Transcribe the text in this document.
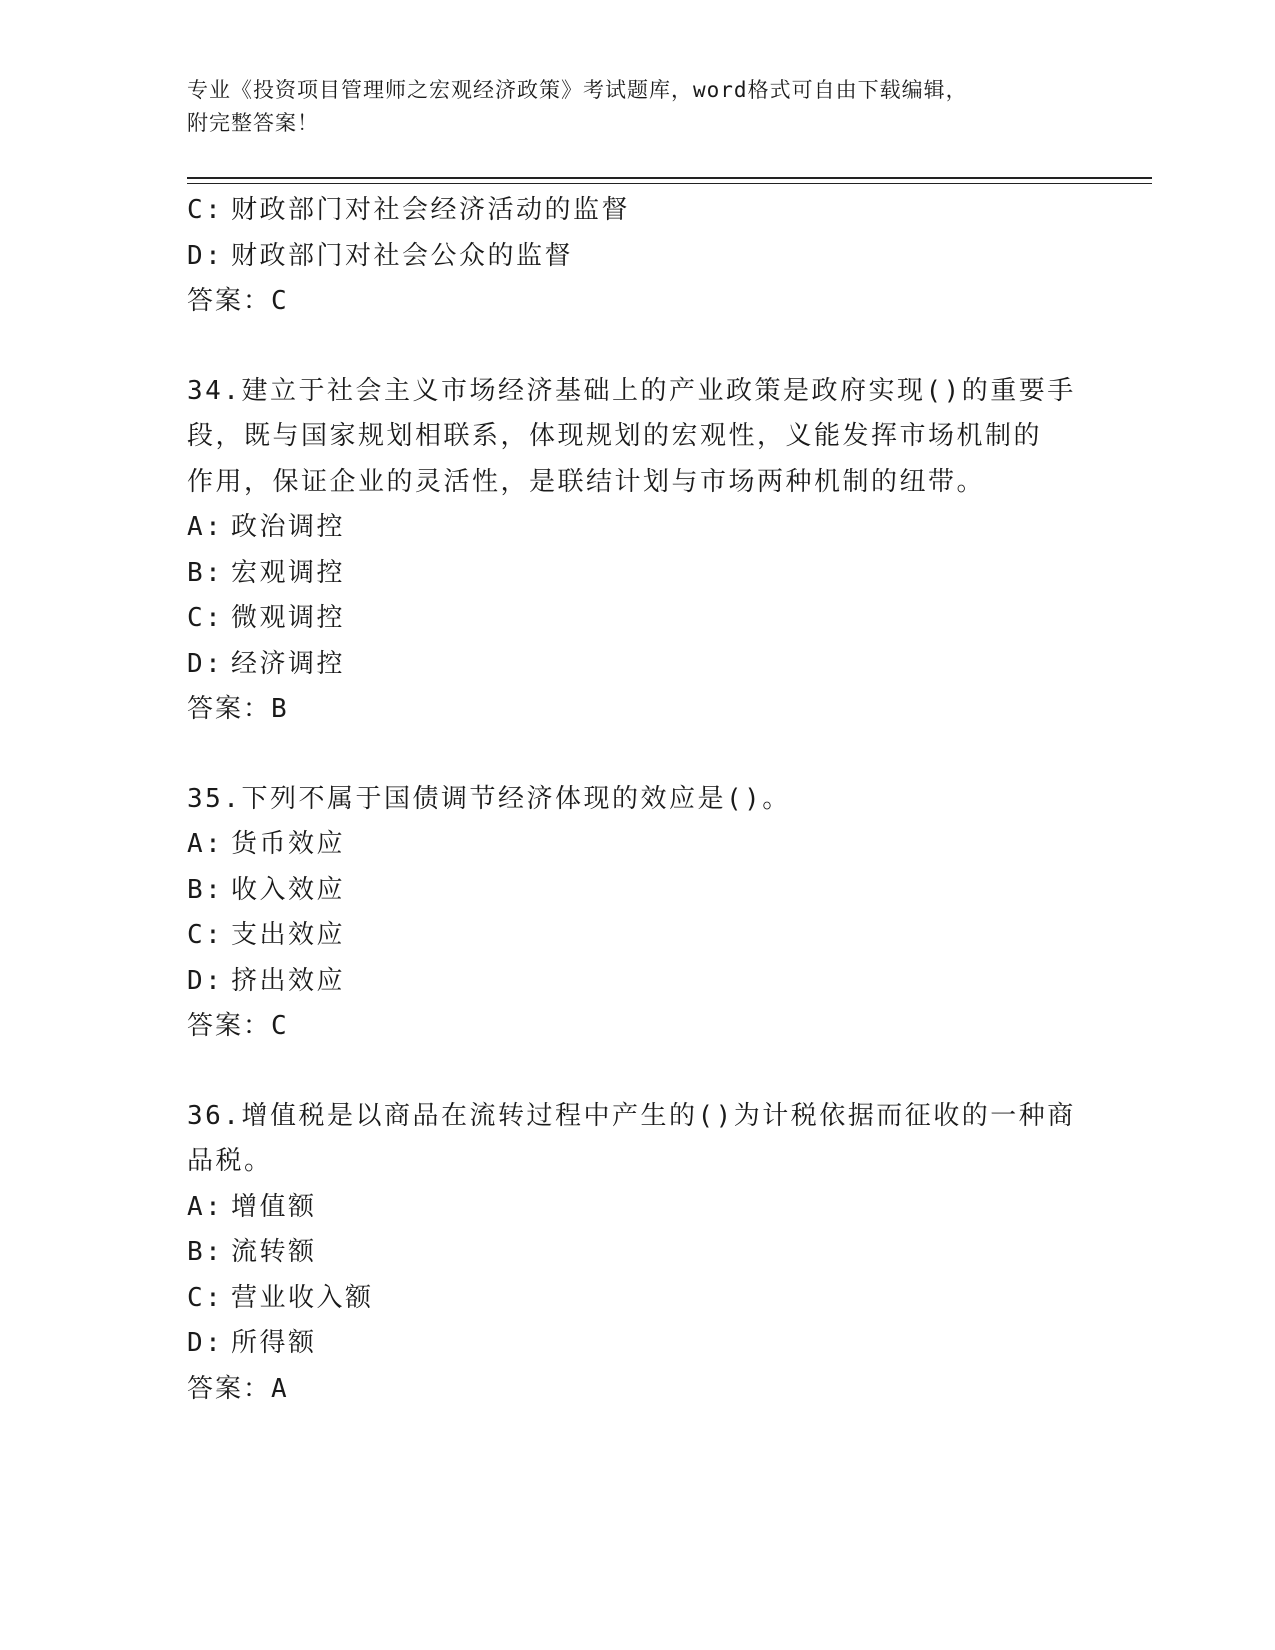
专业《投资项目管理师之宏观经济政策》考试题库，word格式可自由下载编辑，
附完整答案！
C: 财政部门对社会经济活动的监督
D: 财政部门对社会公众的监督
答案：C
34.建立于社会主义市场经济基础上的产业政策是政府实现()的重要手
段，既与国家规划相联系，体现规划的宏观性，义能发挥市场机制的
作用，保证企业的灵活性，是联结计划与市场两种机制的纽带。
A: 政治调控
B: 宏观调控
C: 微观调控
D: 经济调控
答案：B
35.下列不属于国债调节经济体现的效应是()。
A: 货币效应
B: 收入效应
C: 支出效应
D: 挤出效应
答案：C
36.增值税是以商品在流转过程中产生的()为计税依据而征收的一种商
品税。
A: 增值额
B: 流转额
C: 营业收入额
D: 所得额
答案：A
